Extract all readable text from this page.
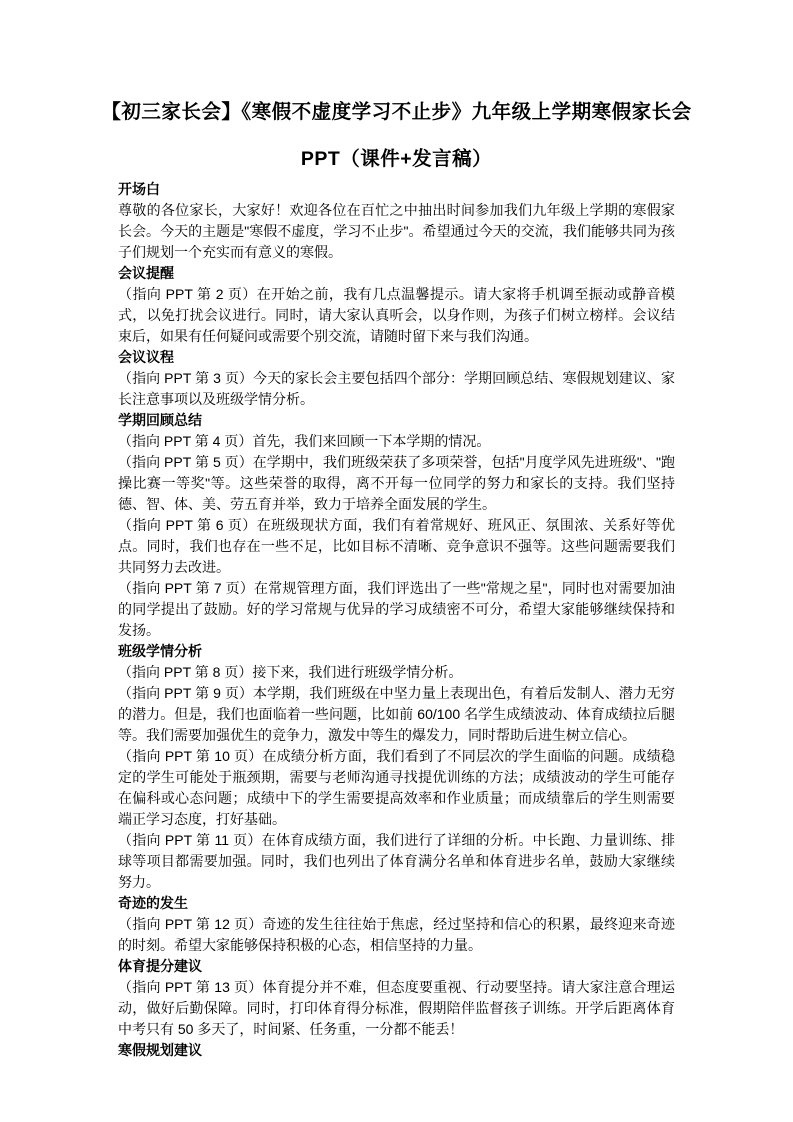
【初三家长会】《寒假不虚度学习不止步》九年级上学期寒假家长会
PPT（课件+发言稿）
开场白

尊敬的各位家长，大家好！欢迎各位在百忙之中抽出时间参加我们九年级上学期的寒假家长会。今天的主题是"寒假不虚度，学习不止步"。希望通过今天的交流，我们能够共同为孩子们规划一个充实而有意义的寒假。

会议提醒

（指向 PPT 第 2 页）在开始之前，我有几点温馨提示。请大家将手机调至振动或静音模式，以免打扰会议进行。同时，请大家认真听会，以身作则，为孩子们树立榜样。会议结束后，如果有任何疑问或需要个别交流，请随时留下来与我们沟通。

会议议程

（指向 PPT 第 3 页）今天的家长会主要包括四个部分：学期回顾总结、寒假规划建议、家长注意事项以及班级学情分析。

学期回顾总结

（指向 PPT 第 4 页）首先，我们来回顾一下本学期的情况。

（指向 PPT 第 5 页）在学期中，我们班级荣获了多项荣誉，包括"月度学风先进班级"、"跑操比赛一等奖"等。这些荣誉的取得，离不开每一位同学的努力和家长的支持。我们坚持德、智、体、美、劳五育并举，致力于培养全面发展的学生。

（指向 PPT 第 6 页）在班级现状方面，我们有着常规好、班风正、氛围浓、关系好等优点。同时，我们也存在一些不足，比如目标不清晰、竞争意识不强等。这些问题需要我们共同努力去改进。

（指向 PPT 第 7 页）在常规管理方面，我们评选出了一些"常规之星"，同时也对需要加油的同学提出了鼓励。好的学习常规与优异的学习成绩密不可分，希望大家能够继续保持和发扬。

班级学情分析

（指向 PPT 第 8 页）接下来，我们进行班级学情分析。

（指向 PPT 第 9 页）本学期，我们班级在中坚力量上表现出色，有着后发制人、潜力无穷的潜力。但是，我们也面临着一些问题，比如前 60/100 名学生成绩波动、体育成绩拉后腿等。我们需要加强优生的竞争力，激发中等生的爆发力，同时帮助后进生树立信心。

（指向 PPT 第 10 页）在成绩分析方面，我们看到了不同层次的学生面临的问题。成绩稳定的学生可能处于瓶颈期，需要与老师沟通寻找提优训练的方法；成绩波动的学生可能存在偏科或心态问题；成绩中下的学生需要提高效率和作业质量；而成绩靠后的学生则需要端正学习态度，打好基础。

（指向 PPT 第 11 页）在体育成绩方面，我们进行了详细的分析。中长跑、力量训练、排球等项目都需要加强。同时，我们也列出了体育满分名单和体育进步名单，鼓励大家继续努力。

奇迹的发生

（指向 PPT 第 12 页）奇迹的发生往往始于焦虑，经过坚持和信心的积累，最终迎来奇迹的时刻。希望大家能够保持积极的心态，相信坚持的力量。

体育提分建议

（指向 PPT 第 13 页）体育提分并不难，但态度要重视、行动要坚持。请大家注意合理运动，做好后勤保障。同时，打印体育得分标准，假期陪伴监督孩子训练。开学后距离体育中考只有 50 多天了，时间紧、任务重，一分都不能丢！

寒假规划建议
